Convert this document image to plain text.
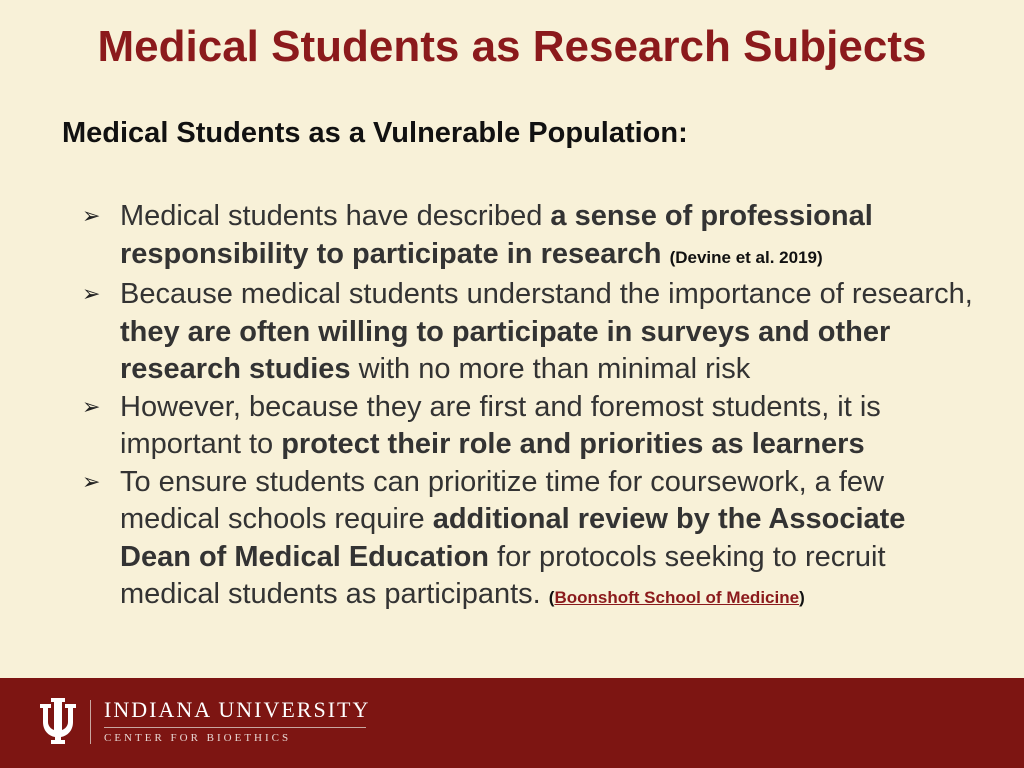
Medical Students as Research Subjects
Medical Students as a Vulnerable Population:
➢ Medical students have described a sense of professional responsibility to participate in research (Devine et al. 2019)
➢ Because medical students understand the importance of research, they are often willing to participate in surveys and other research studies with no more than minimal risk
➢ However, because they are first and foremost students, it is important to protect their role and priorities as learners
➢ To ensure students can prioritize time for coursework, a few medical schools require additional review by the Associate Dean of Medical Education for protocols seeking to recruit medical students as participants. (Boonshoft School of Medicine)
INDIANA UNIVERSITY
CENTER FOR BIOETHICS
